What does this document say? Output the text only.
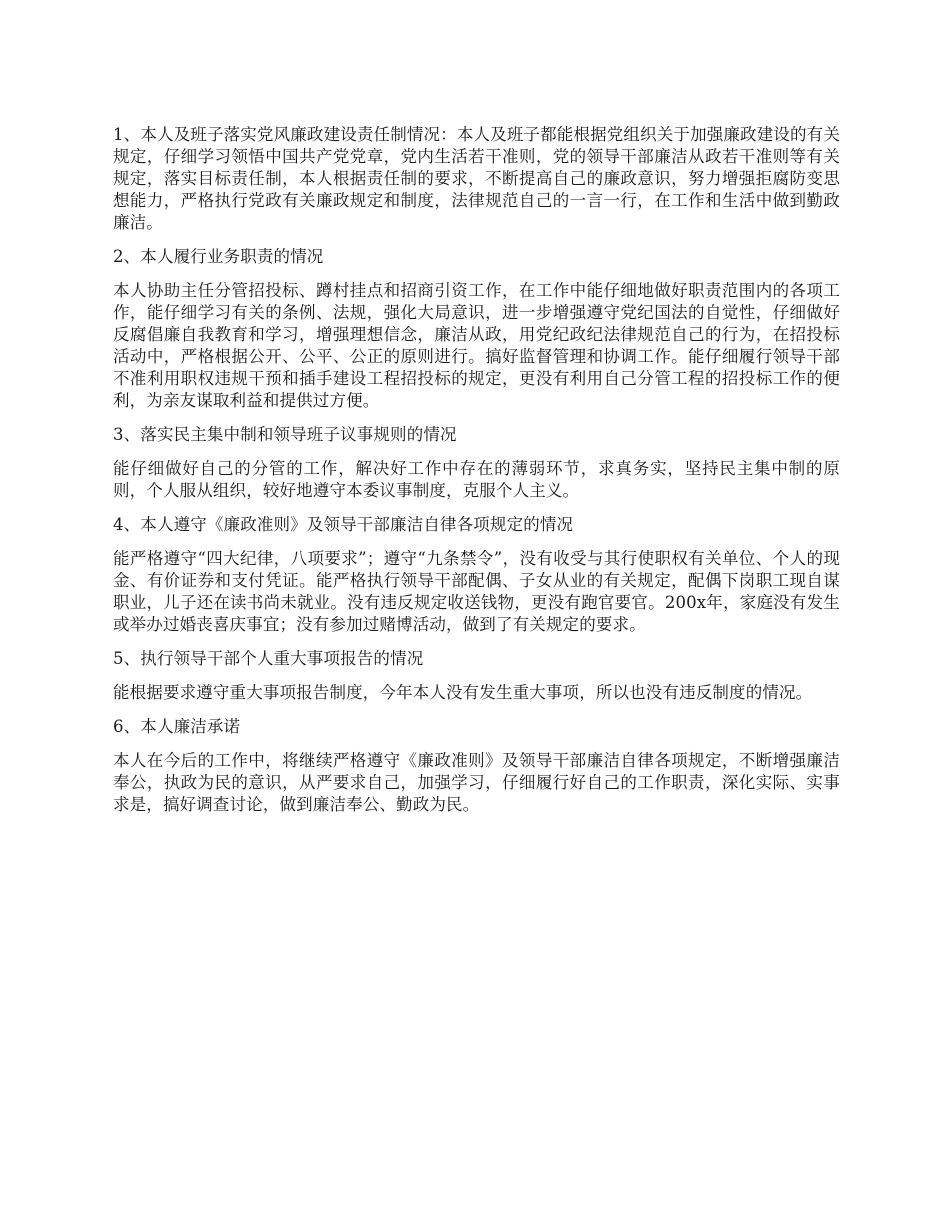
1、本人及班子落实党风廉政建设责任制情况：本人及班子都能根据党组织关于加强廉政建设的有关规定，仔细学习领悟中国共产党党章，党内生活若干准则，党的领导干部廉洁从政若干准则等有关规定，落实目标责任制，本人根据责任制的要求，不断提高自己的廉政意识，努力增强拒腐防变思想能力，严格执行党政有关廉政规定和制度，法律规范自己的一言一行，在工作和生活中做到勤政廉洁。

2、本人履行业务职责的情况

本人协助主任分管招投标、蹲村挂点和招商引资工作，在工作中能仔细地做好职责范围内的各项工作，能仔细学习有关的条例、法规，强化大局意识，进一步增强遵守党纪国法的自觉性，仔细做好反腐倡廉自我教育和学习，增强理想信念，廉洁从政，用党纪政纪法律规范自己的行为，在招投标活动中，严格根据公开、公平、公正的原则进行。搞好监督管理和协调工作。能仔细履行领导干部不准利用职权违规干预和插手建设工程招投标的规定，更没有利用自己分管工程的招投标工作的便利，为亲友谋取利益和提供过方便。

3、落实民主集中制和领导班子议事规则的情况

能仔细做好自己的分管的工作，解决好工作中存在的薄弱环节，求真务实，坚持民主集中制的原则，个人服从组织，较好地遵守本委议事制度，克服个人主义。

4、本人遵守《廉政准则》及领导干部廉洁自律各项规定的情况

能严格遵守“四大纪律，八项要求”；遵守“九条禁令”，没有收受与其行使职权有关单位、个人的现金、有价证券和支付凭证。能严格执行领导干部配偶、子女从业的有关规定，配偶下岗职工现自谋职业，儿子还在读书尚未就业。没有违反规定收送钱物，更没有跑官要官。200x年，家庭没有发生或举办过婚丧喜庆事宜；没有参加过赌博活动，做到了有关规定的要求。

5、执行领导干部个人重大事项报告的情况

能根据要求遵守重大事项报告制度，今年本人没有发生重大事项，所以也没有违反制度的情况。

6、本人廉洁承诺

本人在今后的工作中，将继续严格遵守《廉政准则》及领导干部廉洁自律各项规定，不断增强廉洁奉公，执政为民的意识，从严要求自己，加强学习，仔细履行好自己的工作职责，深化实际、实事求是，搞好调查讨论，做到廉洁奉公、勤政为民。
